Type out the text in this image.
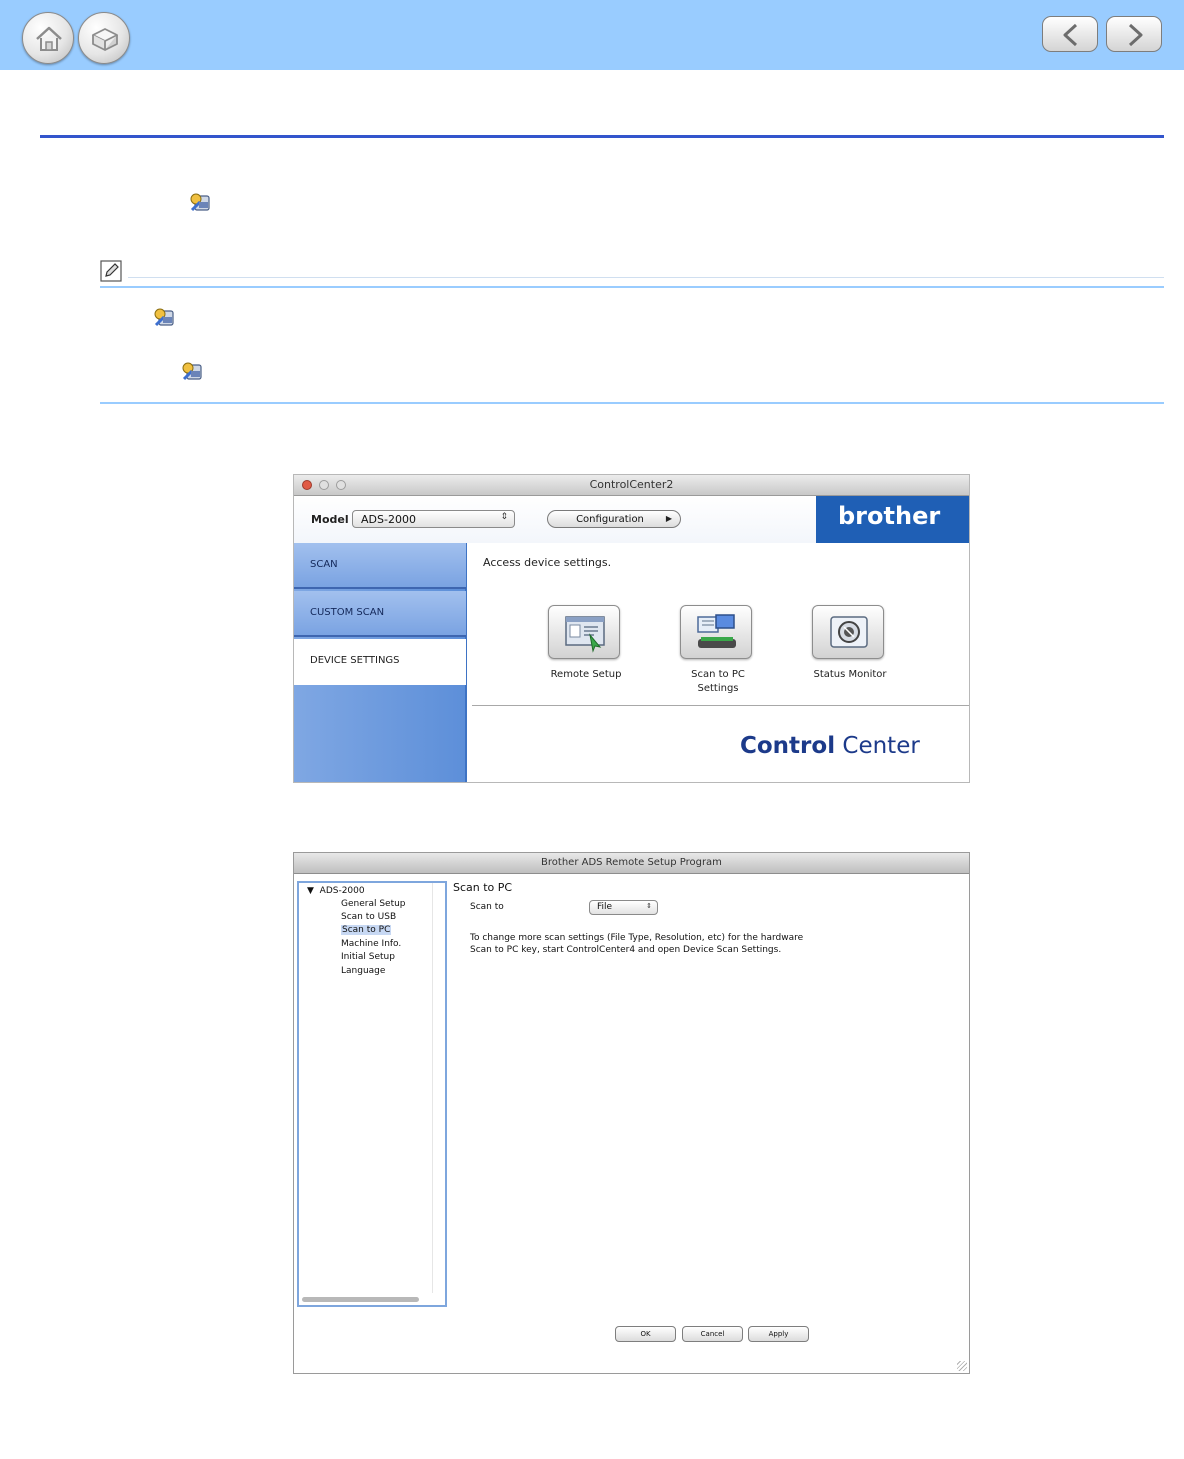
ControlCenter2
Model ADS-2000	⇕	Configuration	▶	brother
SCAN
CUSTOM SCAN
DEVICE SETTINGS
Access device settings.
Remote Setup	Scan to PC
Settings
Status Monitor
Control Center
Brother ADS Remote Setup Program
▼ ADS-2000
General Setup
Scan to USB
Scan to PC
Machine Info.
Initial Setup
Language
Scan to PC
Scan to	File	⇕
To change more scan settings (File Type, Resolution, etc) for the hardware
Scan to PC key, start ControlCenter4 and open Device Scan Settings.
OK	Cancel	Apply
